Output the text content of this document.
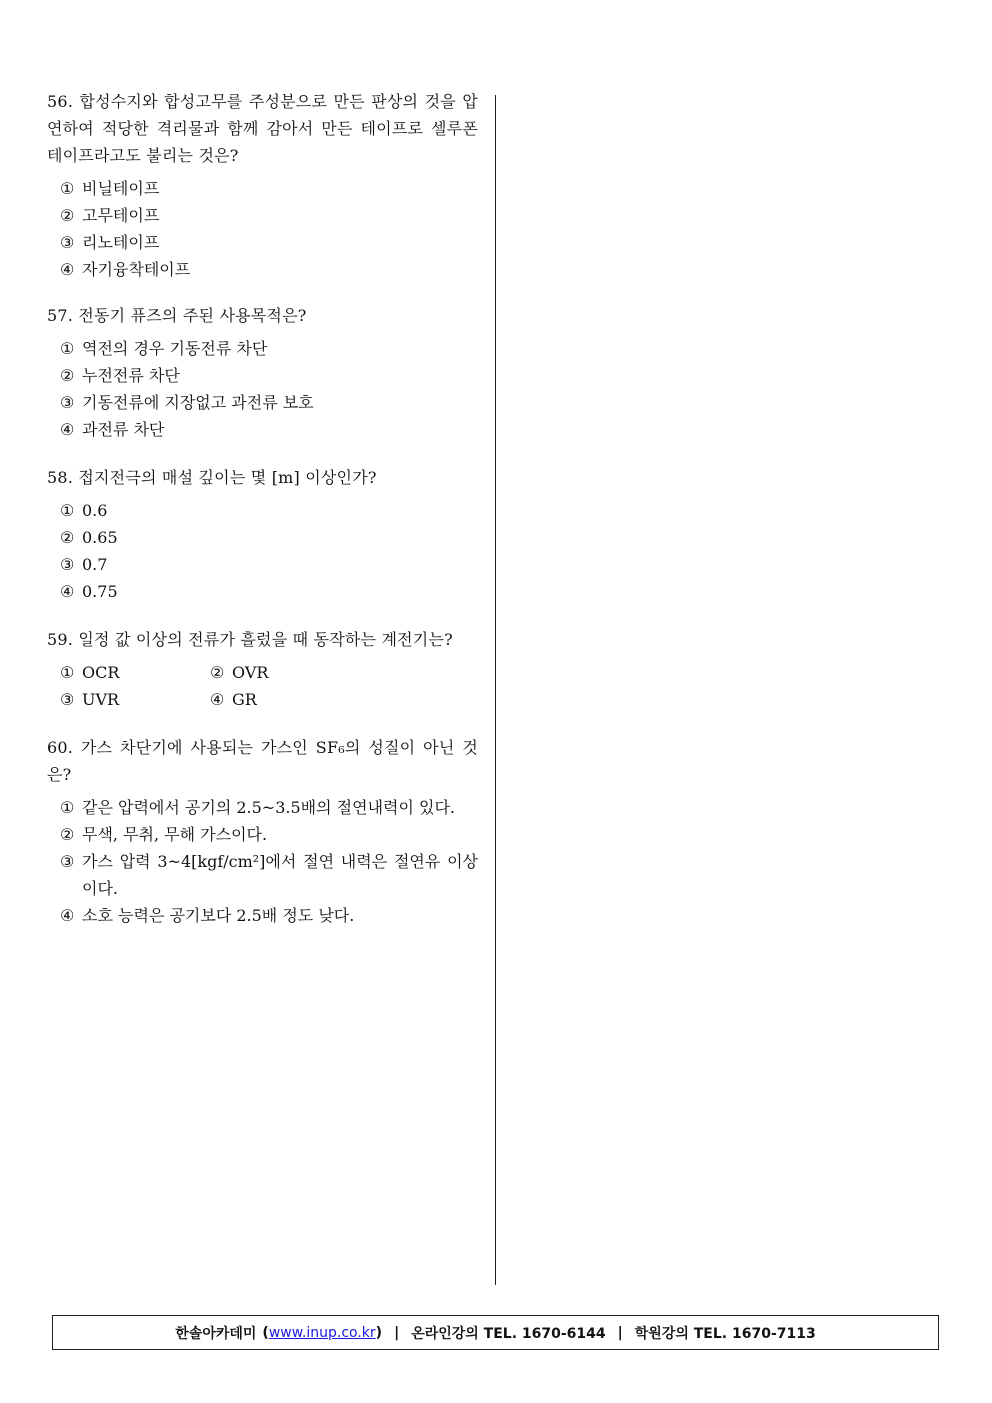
56. 합성수지와 합성고무를 주성분으로 만든 판상의 것을 압연하여 적당한 격리물과 함께 감아서 만든 테이프로 셀루폰 테이프라고도 불리는 것은?

① 비닐테이프
② 고무테이프
③ 리노테이프
④ 자기융착테이프

57. 전동기 퓨즈의 주된 사용목적은?

① 역전의 경우 기동전류 차단
② 누전전류 차단
③ 기동전류에 지장없고 과전류 보호
④ 과전류 차단

58. 접지전극의 매설 깊이는 몇 [m] 이상인가?

① 0.6
② 0.65
③ 0.7
④ 0.75

59. 일정 값 이상의 전류가 흘렀을 때 동작하는 계전기는?

① OCR	② OVR
③ UVR	④ GR

60. 가스 차단기에 사용되는 가스인 SF₆의 성질이 아닌 것은?

① 같은 압력에서 공기의 2.5~3.5배의 절연내력이 있다.
② 무색, 무취, 무해 가스이다.
③ 가스 압력 3~4[kgf/cm²]에서 절연 내력은 절연유 이상이다.
④ 소호 능력은 공기보다 2.5배 정도 낮다.
한솔아카데미 ( www.inup.co.kr ) | 온라인강의 TEL. 1670-6144 | 학원강의 TEL. 1670-7113
